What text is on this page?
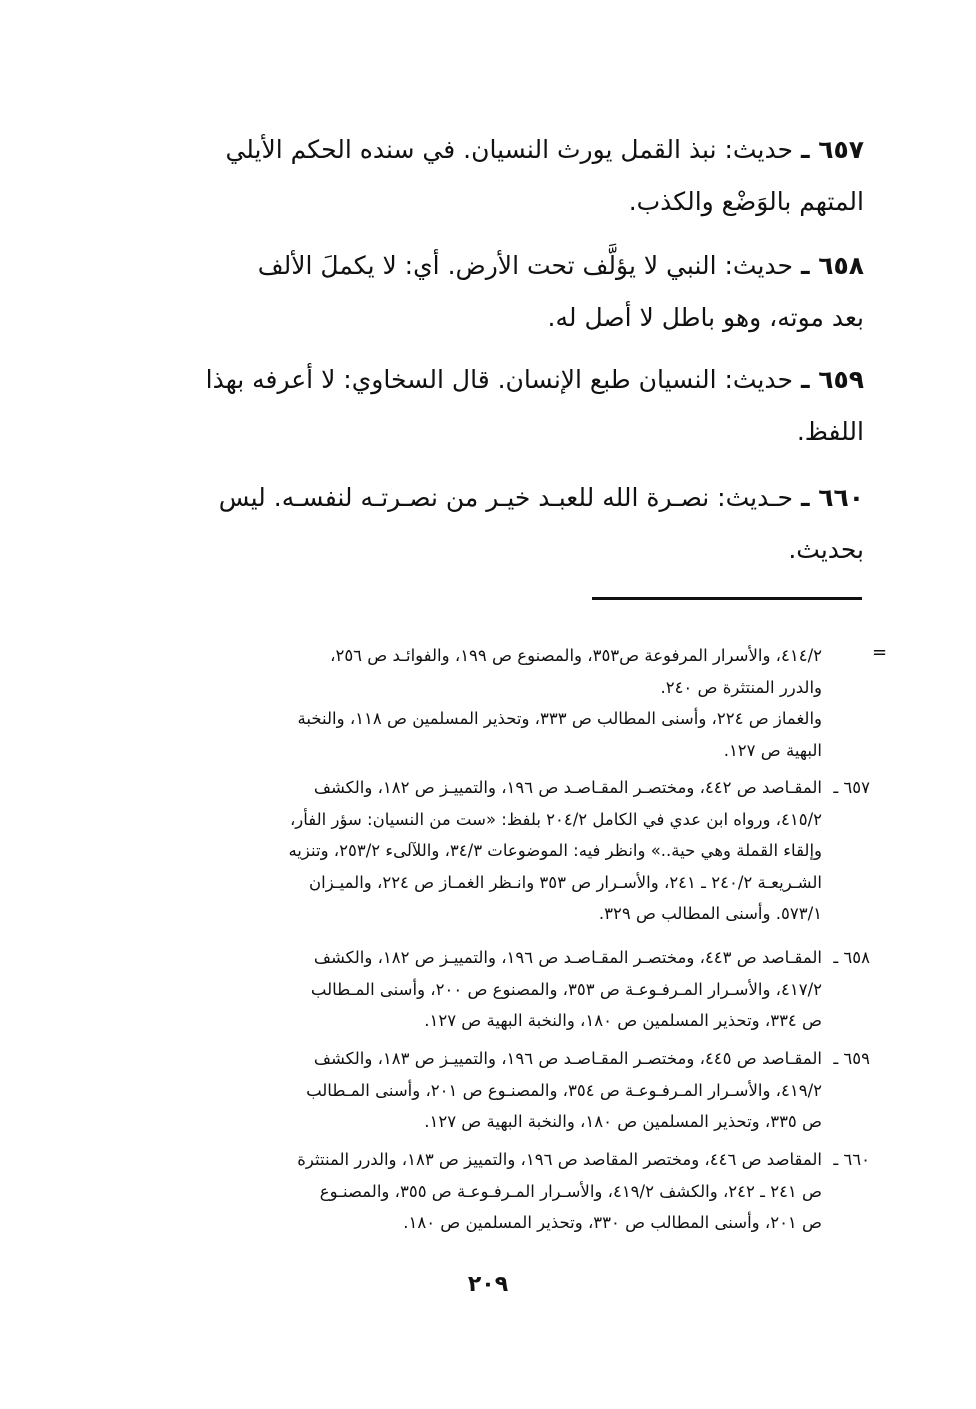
٦٥٧ ـ حديث: نبذ القمل يورث النسيان. في سنده الحكم الأيلي
المتهم بالوَضْع والكذب.
٦٥٨ ـ حديث: النبي لا يؤلَّف تحت الأرض. أي: لا يكملَ الألف
بعد موته، وهو باطل لا أصل له.
٦٥٩ ـ حديث: النسيان طبع الإنسان. قال السخاوي: لا أعرفه بهذا
اللفظ.
٦٦٠ ـ حـديث: نصـرة الله للعبـد خيـر من نصـرتـه لنفسـه. ليس
بحديث.
=
٤١٤/٢، والأسرار المرفوعة ص٣٥٣، والمصنوع ص ١٩٩، والفوائـد ص ٢٥٦،
والدرر المنتثرة ص ٢٤٠.
والغماز ص ٢٢٤، وأسنى المطالب ص ٣٣٣، وتحذير المسلمين ص ١١٨، والنخبة
البهية ص ١٢٧.
٦٥٧ ـ
المقـاصد ص ٤٤٢، ومختصـر المقـاصـد ص ١٩٦، والتمييـز ص ١٨٢، والكشف
٤١٥/٢، ورواه ابن عدي في الكامل ٢٠٤/٢ بلفظ: «ست من النسيان: سؤر الفأر،
وإلقاء القملة وهي حية..» وانظر فيه: الموضوعات ٣٤/٣، واللآلىء ٢٥٣/٢، وتنزيه
الشـريعـة ٢٤٠/٢ ـ ٢٤١، والأسـرار ص ٣٥٣ وانـظر الغمـاز ص ٢٢٤، والميـزان
٥٧٣/١. وأسنى المطالب ص ٣٢٩.
٦٥٨ ـ
المقـاصد ص ٤٤٣، ومختصـر المقـاصـد ص ١٩٦، والتمييـز ص ١٨٢، والكشف
٤١٧/٢، والأسـرار المـرفـوعـة ص ٣٥٣، والمصنوع ص ٢٠٠، وأسنى المـطالب
ص ٣٣٤، وتحذير المسلمين ص ١٨٠، والنخبة البهية ص ١٢٧.
٦٥٩ ـ
المقـاصد ص ٤٤٥، ومختصـر المقـاصـد ص ١٩٦، والتمييـز ص ١٨٣، والكشف
٤١٩/٢، والأسـرار المـرفـوعـة ص ٣٥٤، والمصنـوع ص ٢٠١، وأسنى المـطالب
ص ٣٣٥، وتحذير المسلمين ص ١٨٠، والنخبة البهية ص ١٢٧.
٦٦٠ ـ
المقاصد ص ٤٤٦، ومختصر المقاصد ص ١٩٦، والتمييز ص ١٨٣، والدرر المنتثرة
ص ٢٤١ ـ ٢٤٢، والكشف ٤١٩/٢، والأسـرار المـرفـوعـة ص ٣٥٥، والمصنـوع
ص ٢٠١، وأسنى المطالب ص ٣٣٠، وتحذير المسلمين ص ١٨٠.
٢٠٩
